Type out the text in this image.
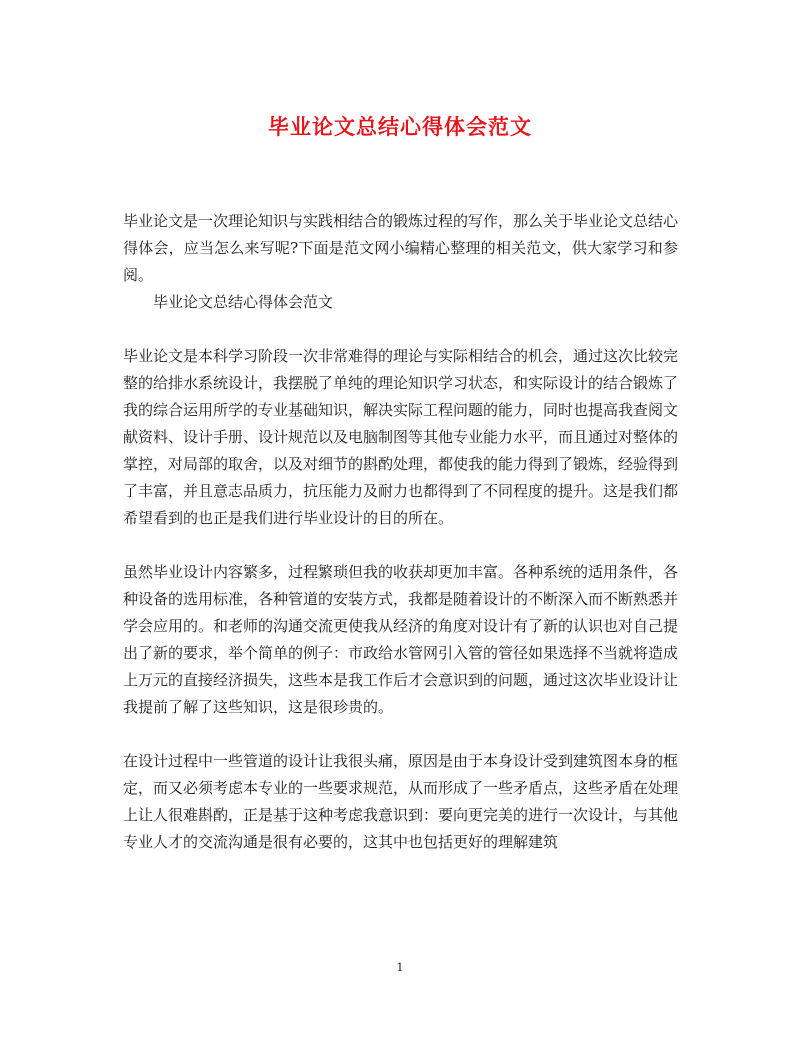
毕业论文总结心得体会范文

毕业论文是一次理论知识与实践相结合的锻炼过程的写作，那么关于毕业论文总结心得体会，应当怎么来写呢?下面是范文网小编精心整理的相关范文，供大家学习和参阅。

毕业论文总结心得体会范文

毕业论文是本科学习阶段一次非常难得的理论与实际相结合的机会，通过这次比较完整的给排水系统设计，我摆脱了单纯的理论知识学习状态，和实际设计的结合锻炼了我的综合运用所学的专业基础知识，解决实际工程问题的能力，同时也提高我查阅文献资料、设计手册、设计规范以及电脑制图等其他专业能力水平，而且通过对整体的掌控，对局部的取舍，以及对细节的斟酌处理，都使我的能力得到了锻炼，经验得到了丰富，并且意志品质力，抗压能力及耐力也都得到了不同程度的提升。这是我们都希望看到的也正是我们进行毕业设计的目的所在。

虽然毕业设计内容繁多，过程繁琐但我的收获却更加丰富。各种系统的适用条件，各种设备的选用标准，各种管道的安装方式，我都是随着设计的不断深入而不断熟悉并学会应用的。和老师的沟通交流更使我从经济的角度对设计有了新的认识也对自己提出了新的要求，举个简单的例子：市政给水管网引入管的管径如果选择不当就将造成上万元的直接经济损失，这些本是我工作后才会意识到的问题，通过这次毕业设计让我提前了解了这些知识，这是很珍贵的。

在设计过程中一些管道的设计让我很头痛，原因是由于本身设计受到建筑图本身的框定，而又必须考虑本专业的一些要求规范，从而形成了一些矛盾点，这些矛盾在处理上让人很难斟酌，正是基于这种考虑我意识到：要向更完美的进行一次设计，与其他专业人才的交流沟通是很有必要的，这其中也包括更好的理解建筑

1
